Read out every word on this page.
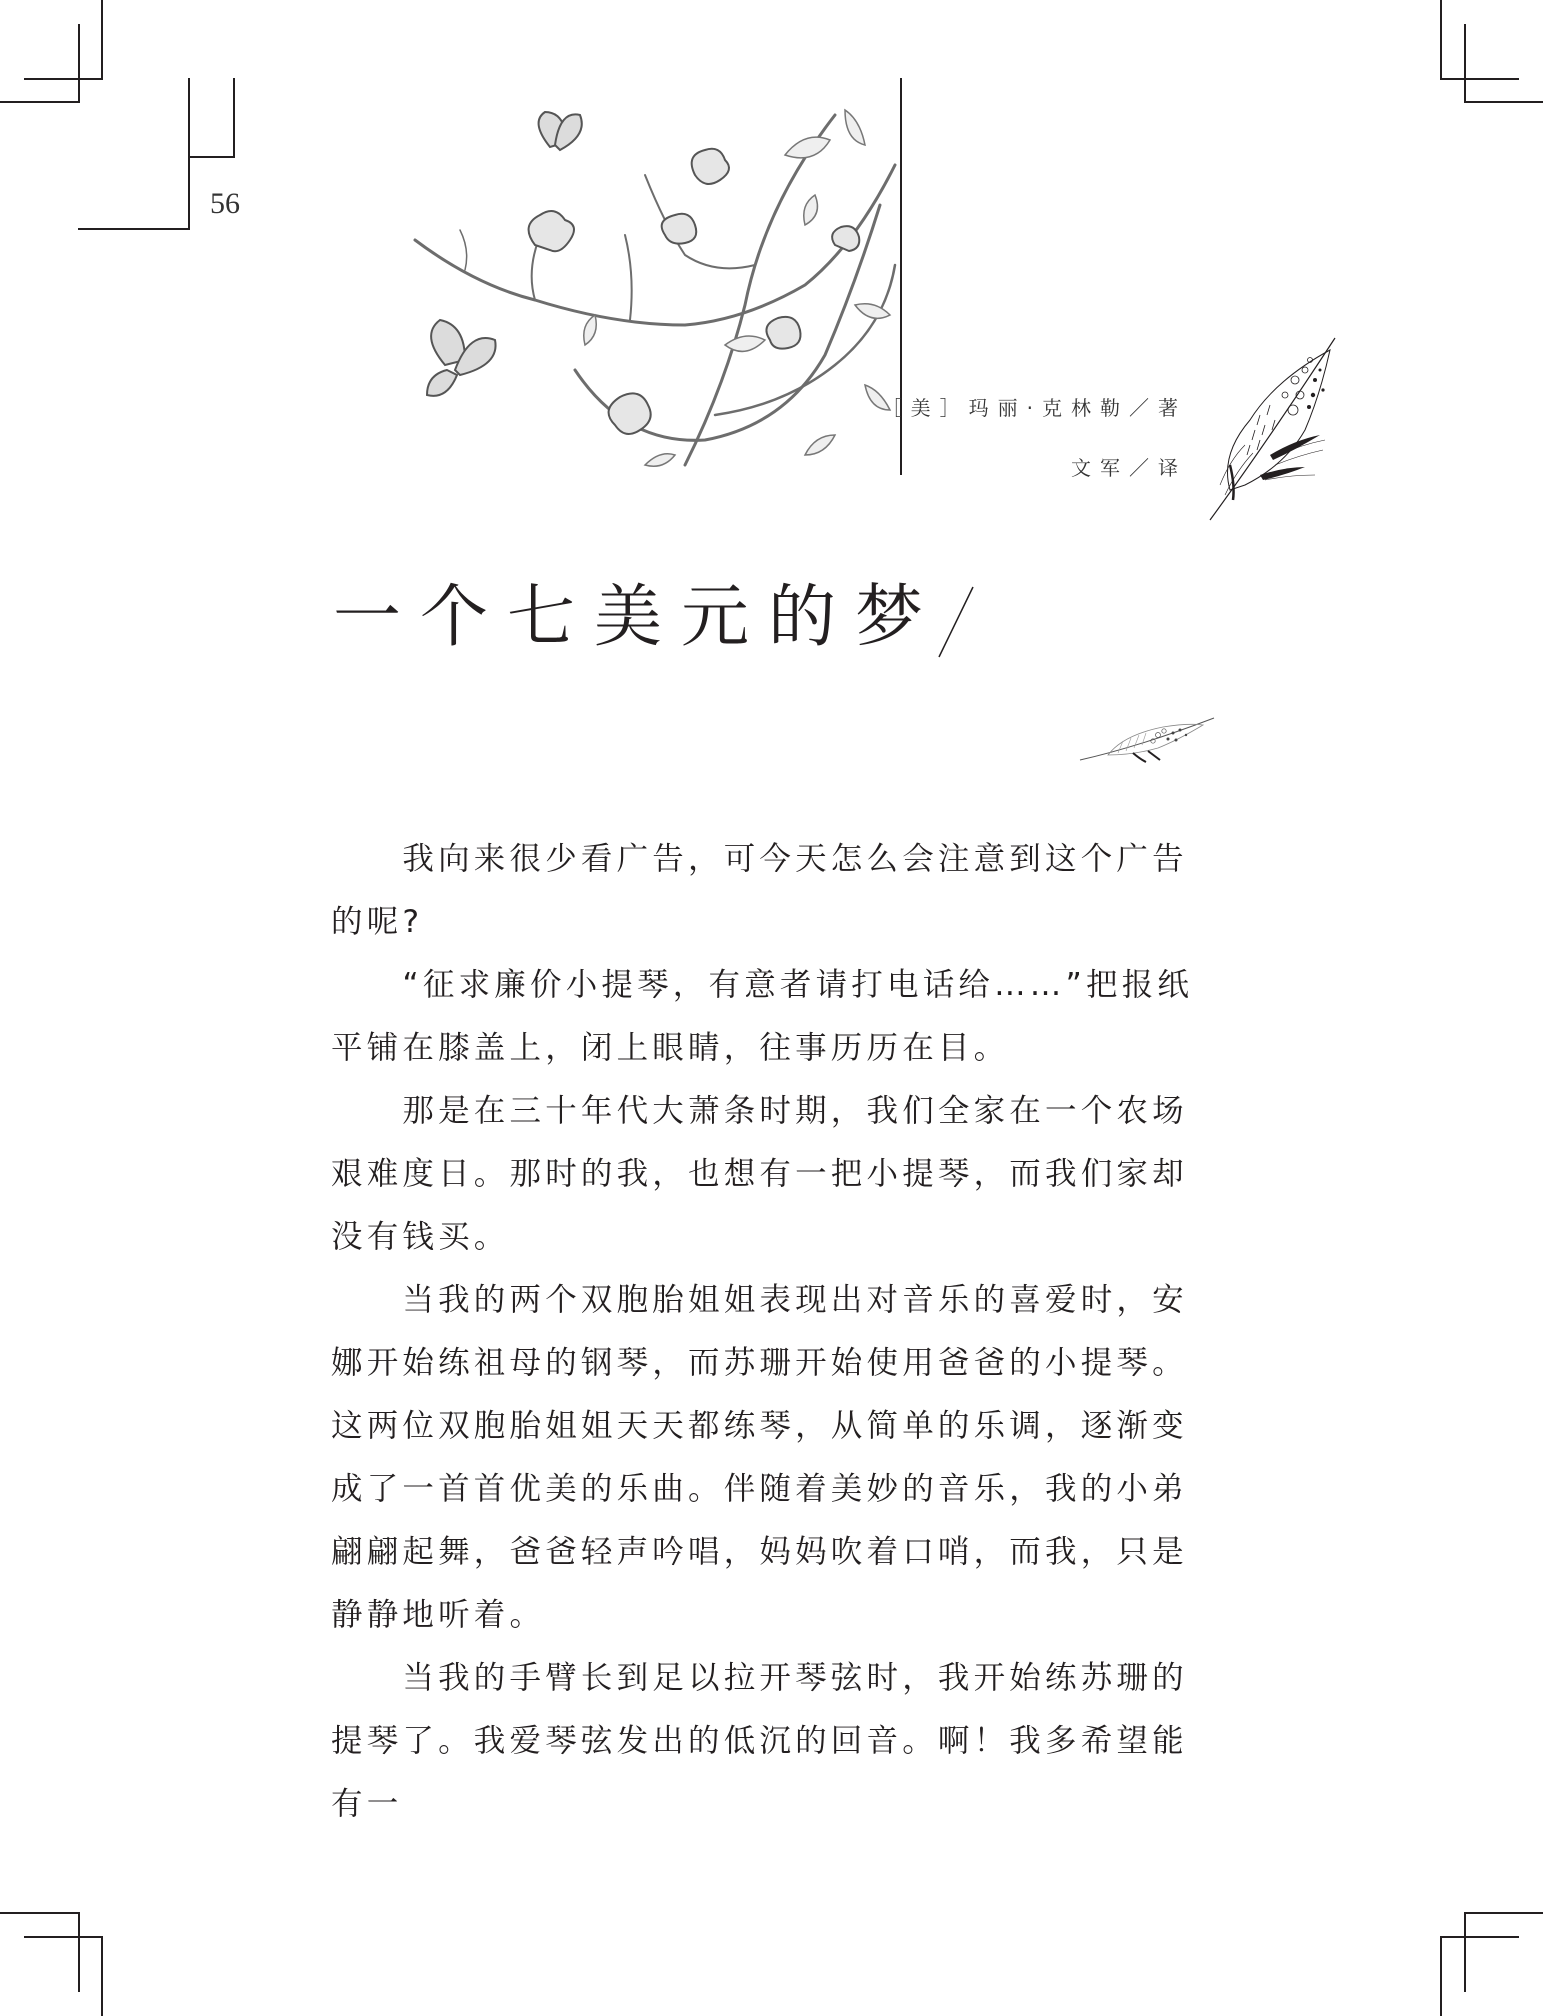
56
［美］玛丽·克林勒／著
文军／译
一个七美元的梦

我向来很少看广告，可今天怎么会注意到这个广告的呢?

“征求廉价小提琴，有意者请打电话给……”把报纸平铺在膝盖上，闭上眼睛，往事历历在目。

那是在三十年代大萧条时期，我们全家在一个农场艰难度日。那时的我，也想有一把小提琴，而我们家却没有钱买。

当我的两个双胞胎姐姐表现出对音乐的喜爱时，安娜开始练祖母的钢琴，而苏珊开始使用爸爸的小提琴。这两位双胞胎姐姐天天都练琴，从简单的乐调，逐渐变成了一首首优美的乐曲。伴随着美妙的音乐，我的小弟翩翩起舞，爸爸轻声吟唱，妈妈吹着口哨，而我，只是静静地听着。

当我的手臂长到足以拉开琴弦时，我开始练苏珊的提琴了。我爱琴弦发出的低沉的回音。啊！我多希望能有一
